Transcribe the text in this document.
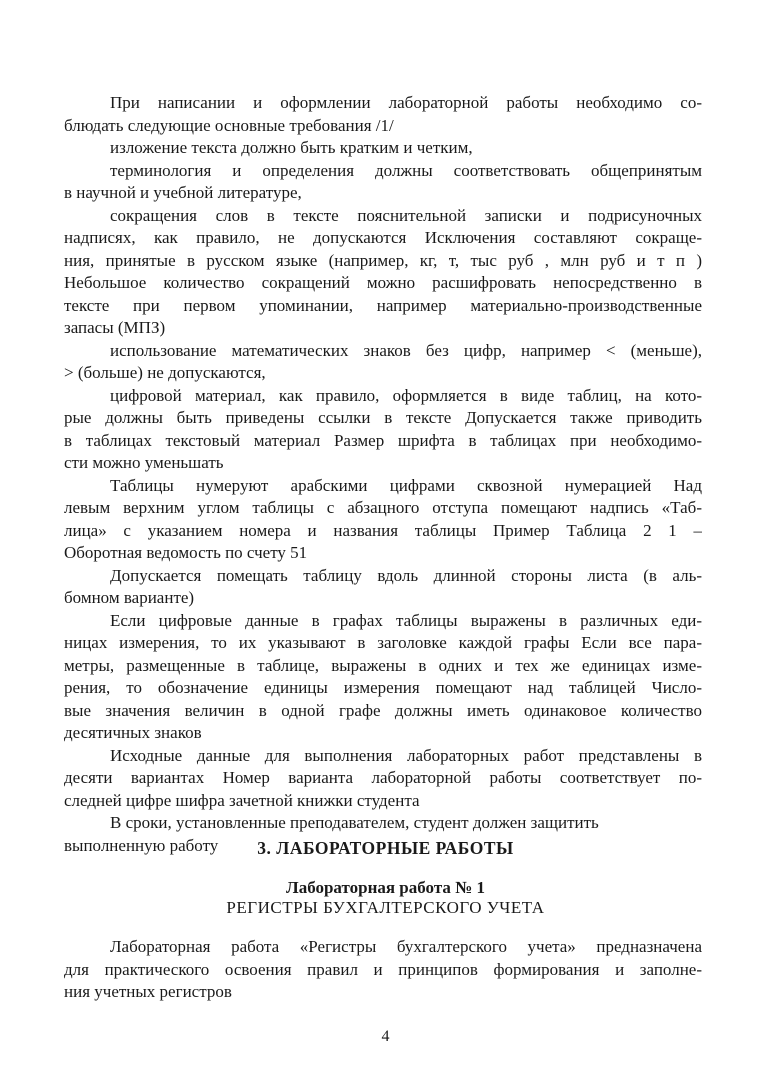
При написании и оформлении лабораторной работы необходимо со-
блюдать следующие основные требования /1/
изложение текста должно быть кратким и четким,
терминология и определения должны соответствовать общепринятым
в научной и учебной литературе,
сокращения слов в тексте пояснительной записки и подрисуночных
надписях, как правило, не допускаются Исключения составляют сокраще-
ния, принятые в русском языке (например, кг, т, тыс руб , млн руб и т п )
Небольшое количество сокращений можно расшифровать непосредственно в
тексте при первом упоминании, например материально-производственные
запасы (МПЗ)
использование математических знаков без цифр, например < (меньше),
> (больше) не допускаются,
цифровой материал, как правило, оформляется в виде таблиц, на кото-
рые должны быть приведены ссылки в тексте Допускается также приводить
в таблицах текстовый материал Размер шрифта в таблицах при необходимо-
сти можно уменьшать
Таблицы нумеруют арабскими цифрами сквозной нумерацией Над
левым верхним углом таблицы с абзацного отступа помещают надпись «Таб-
лица» с указанием номера и названия таблицы Пример Таблица 2 1 –
Оборотная ведомость по счету 51
Допускается помещать таблицу вдоль длинной стороны листа (в аль-
бомном варианте)
Если цифровые данные в графах таблицы выражены в различных еди-
ницах измерения, то их указывают в заголовке каждой графы Если все пара-
метры, размещенные в таблице, выражены в одних и тех же единицах изме-
рения, то обозначение единицы измерения помещают над таблицей Число-
вые значения величин в одной графе должны иметь одинаковое количество
десятичных знаков
Исходные данные для выполнения лабораторных работ представлены в
десяти вариантах Номер варианта лабораторной работы соответствует по-
следней цифре шифра зачетной книжки студента
В сроки, установленные преподавателем, студент должен защитить
выполненную работу	3. ЛАБОРАТОРНЫЕ РАБОТЫ
Лабораторная работа № 1
РЕГИСТРЫ БУХГАЛТЕРСКОГО УЧЕТА
Лабораторная работа «Регистры бухгалтерского учета» предназначена
для практического освоения правил и принципов формирования и заполне-
ния учетных регистров
4
